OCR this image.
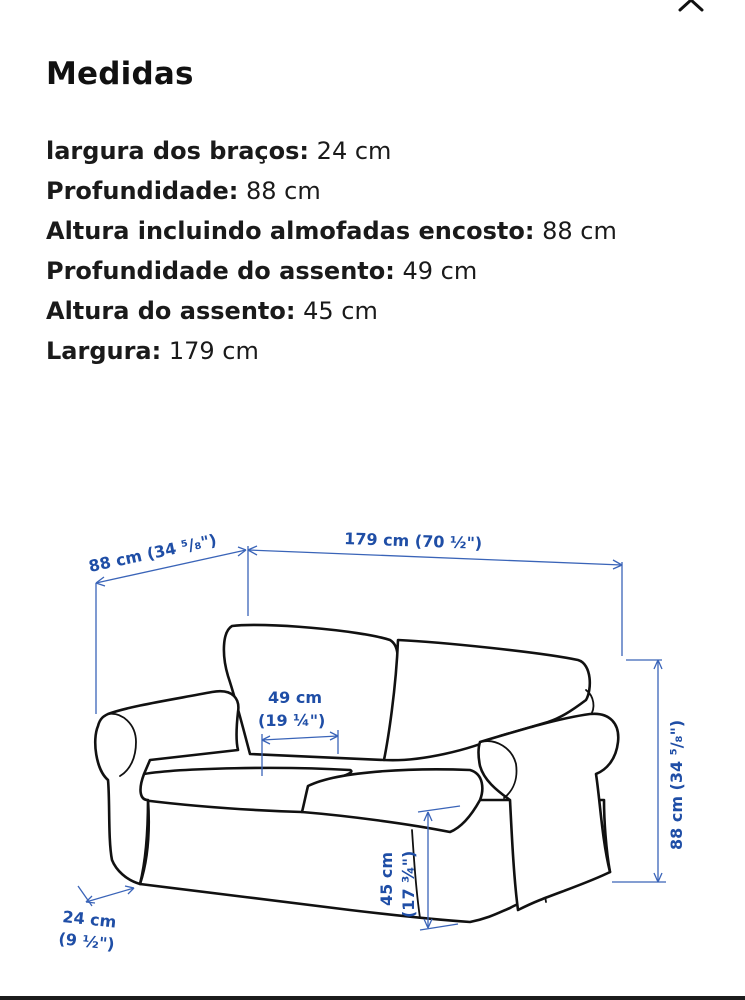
Medidas
largura dos braços: 24 cm
Profundidade: 88 cm
Altura incluindo almofadas encosto: 88 cm
Profundidade do assento: 49 cm
Altura do assento: 45 cm
Largura: 179 cm
88 cm (34 ⁵/₈")	179 cm (70 ½")
49 cm
(19 ¼")
24 cm
(9 ½")
45 cm (17 ¾")
88 cm (34 ⁵/₈")
